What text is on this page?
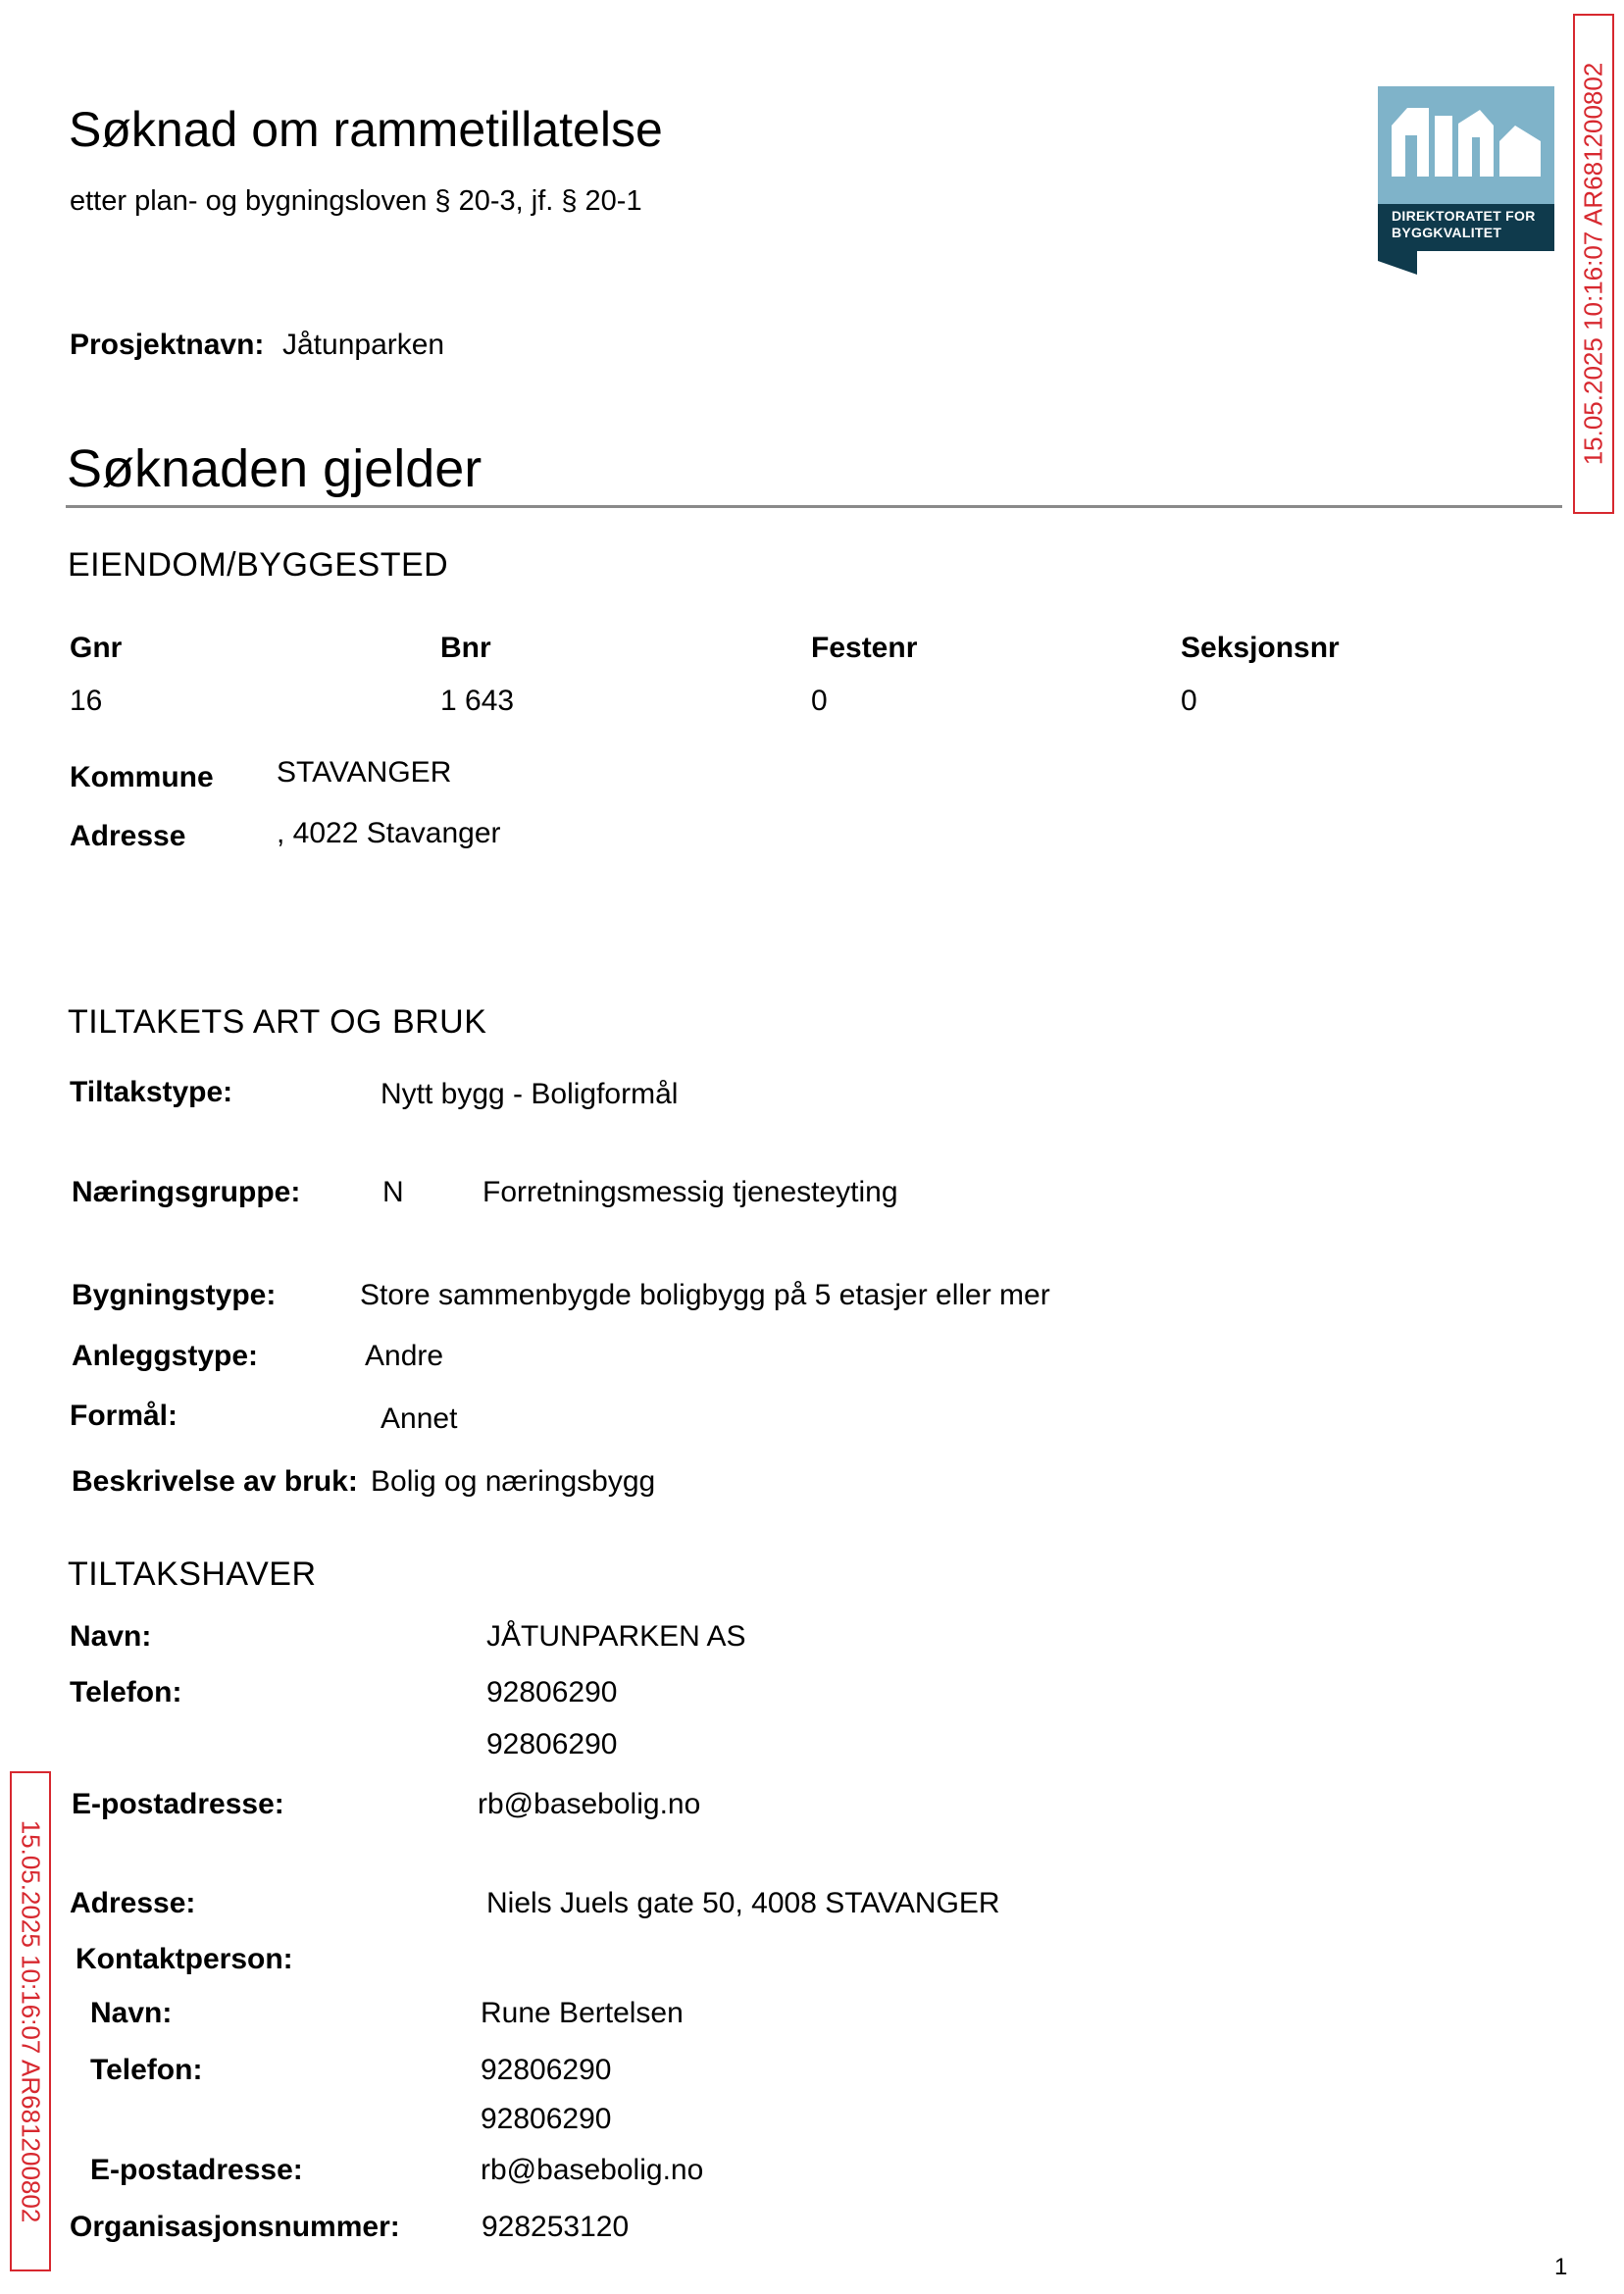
Søknad om rammetillatelse
etter plan- og bygningsloven § 20-3, jf. § 20-1	DIREKTORATET FOR BYGGKVALITET	15.05.2025 10:16:07 AR681200802
15.05.2025 10:16:07 AR681200802
Prosjektnavn: Jåtunparken
Søknaden gjelder
EIENDOM/BYGGESTED
Gnr	Bnr	Festenr	Seksjonsnr
16	1 643	0	0
Kommune STAVANGER
Adresse	, 4022 Stavanger
TILTAKETS ART OG BRUK
Tiltakstype:	Nytt bygg - Boligformål
Næringsgruppe:	N	Forretningsmessig tjenesteyting
Bygningstype:	Store sammenbygde boligbygg på 5 etasjer eller mer
Anleggstype:	Andre
Formål:	Annet
Beskrivelse av bruk: Bolig og næringsbygg
TILTAKSHAVER
Navn:	JÅTUNPARKEN AS
Telefon:	92806290
92806290
E-postadresse:	rb@basebolig.no
Adresse:	Niels Juels gate 50, 4008 STAVANGER
Kontaktperson:
Navn:	Rune Bertelsen
Telefon:	92806290
92806290
E-postadresse:	rb@basebolig.no
Organisasjonsnummer:	928253120
1
